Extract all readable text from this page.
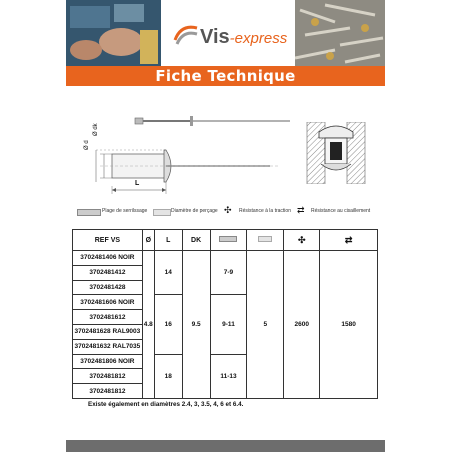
Vis-express
Fiche Technique
Ø d
Ø dk
L
Plage de serrilssage	Diamètre de perçage ✣ Résistance à la traction ⇄ Résistance au cisaillement
REF VS	Ø	L	DK			✣	⇄
3702481406 NOIR	4.8	14	9.5	7-9	5	2600	1580
3702481412							
3702481428							
3702481606 NOIR		16		9-11			
3702481612							
3702481628 RAL9003							
3702481632 RAL7035							
3702481806 NOIR		18		11-13			
3702481812							
3702481812							
Existe également en diamètres 2.4, 3, 3.5, 4, 6 et 6.4.
